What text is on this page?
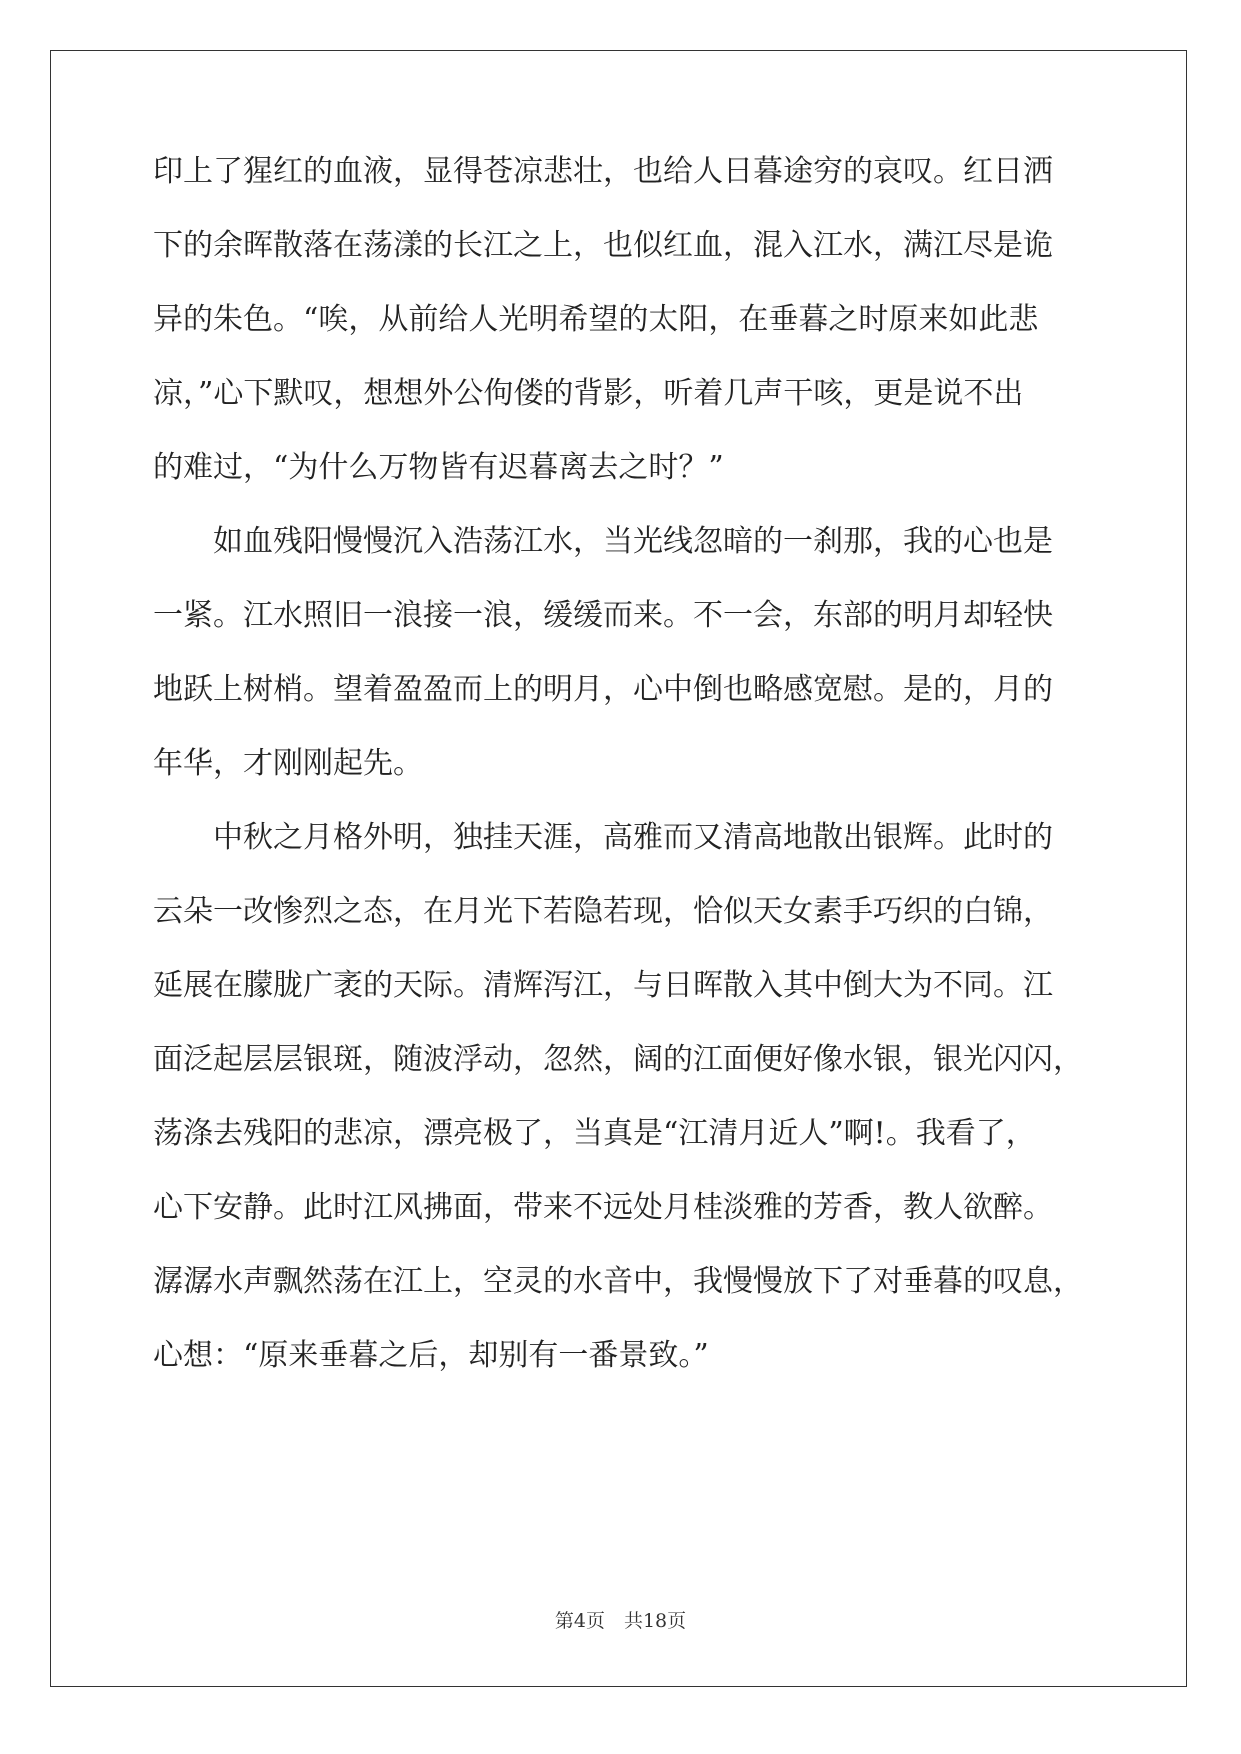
印上了猩红的血液，显得苍凉悲壮，也给人日暮途穷的哀叹。红日洒
下的余晖散落在荡漾的长江之上，也似红血，混入江水，满江尽是诡
异的朱色。“唉，从前给人光明希望的太阳，在垂暮之时原来如此悲
凉，”心下默叹，想想外公佝偻的背影，听着几声干咳，更是说不出
的难过，“为什么万物皆有迟暮离去之时？”
　　如血残阳慢慢沉入浩荡江水，当光线忽暗的一刹那，我的心也是
一紧。江水照旧一浪接一浪，缓缓而来。不一会，东部的明月却轻快
地跃上树梢。望着盈盈而上的明月，心中倒也略感宽慰。是的，月的
年华，才刚刚起先。
　　中秋之月格外明，独挂天涯，高雅而又清高地散出银辉。此时的
云朵一改惨烈之态，在月光下若隐若现，恰似天女素手巧织的白锦，
延展在朦胧广袤的天际。清辉泻江，与日晖散入其中倒大为不同。江
面泛起层层银斑，随波浮动，忽然，阔的江面便好像水银，银光闪闪，
荡涤去残阳的悲凉，漂亮极了，当真是“江清月近人”啊!。我看了，
心下安静。此时江风拂面，带来不远处月桂淡雅的芳香，教人欲醉。
潺潺水声飘然荡在江上，空灵的水音中，我慢慢放下了对垂暮的叹息，
心想：“原来垂暮之后，却别有一番景致。”
第4页　共18页
